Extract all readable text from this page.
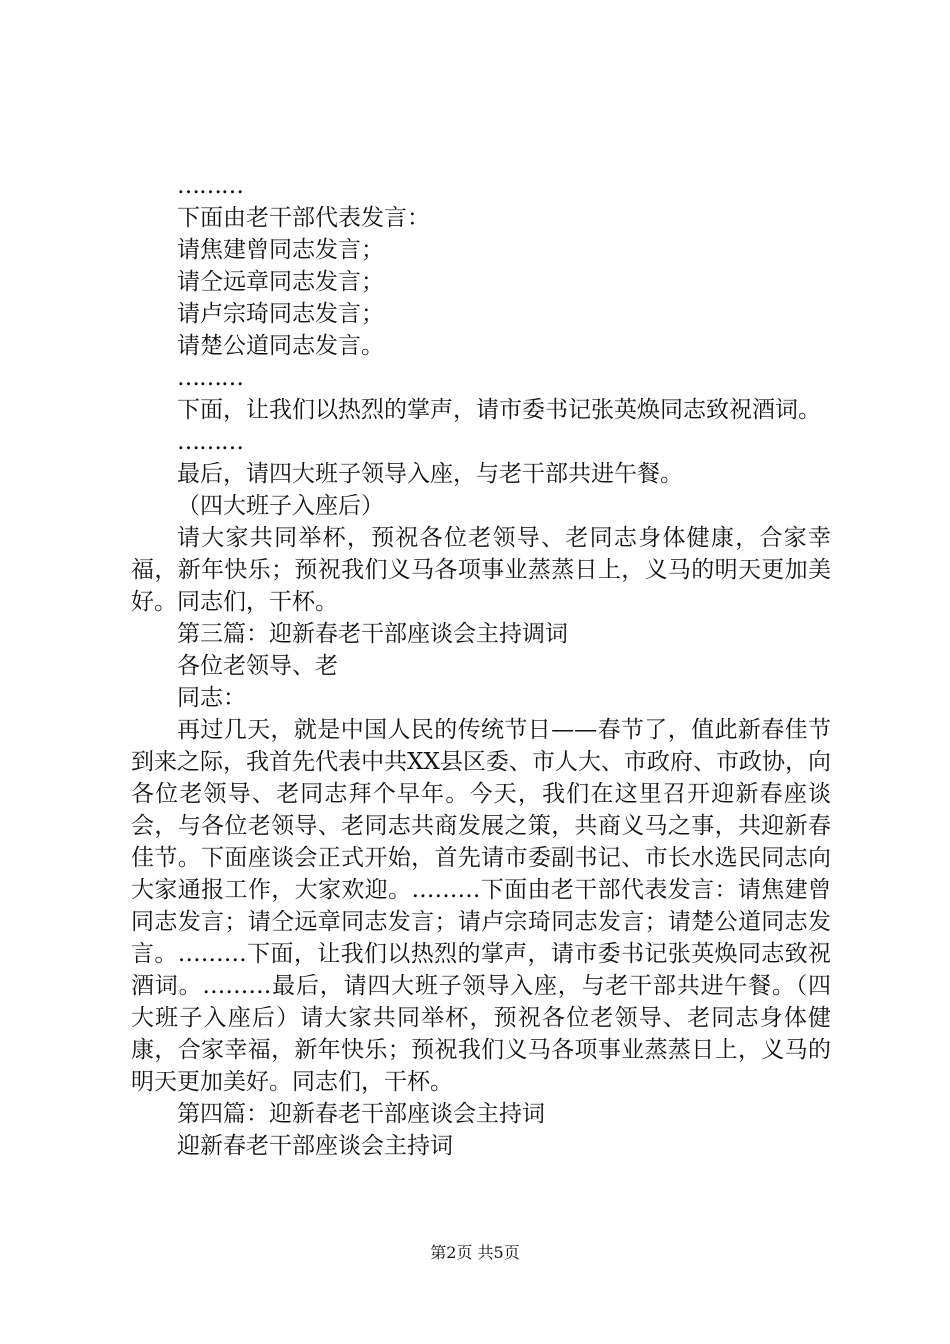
………
下面由老干部代表发言：
请焦建曾同志发言；
请仝远章同志发言；
请卢宗琦同志发言；
请楚公道同志发言。
………

下面，让我们以热烈的掌声，请市委书记张英焕同志致祝酒词。

………
最后，请四大班子领导入座，与老干部共进午餐。
（四大班子入座后）

请大家共同举杯，预祝各位老领导、老同志身体健康，合家幸福，新年快乐；预祝我们义马各项事业蒸蒸日上，义马的明天更加美好。同志们，干杯。

第三篇：迎新春老干部座谈会主持调词
各位老领导、老
同志：

再过几天，就是中国人民的传统节日——春节了，值此新春佳节到来之际，我首先代表中共XX县区委、市人大、市政府、市政协，向各位老领导、老同志拜个早年。今天，我们在这里召开迎新春座谈会，与各位老领导、老同志共商发展之策，共商义马之事，共迎新春佳节。下面座谈会正式开始，首先请市委副书记、市长水选民同志向大家通报工作，大家欢迎。………下面由老干部代表发言：请焦建曾同志发言；请仝远章同志发言；请卢宗琦同志发言；请楚公道同志发言。………下面，让我们以热烈的掌声，请市委书记张英焕同志致祝酒词。………最后，请四大班子领导入座，与老干部共进午餐。（四大班子入座后）请大家共同举杯，预祝各位老领导、老同志身体健康，合家幸福，新年快乐；预祝我们义马各项事业蒸蒸日上，义马的明天更加美好。同志们，干杯。

第四篇：迎新春老干部座谈会主持词
迎新春老干部座谈会主持词
第2页 共5页
